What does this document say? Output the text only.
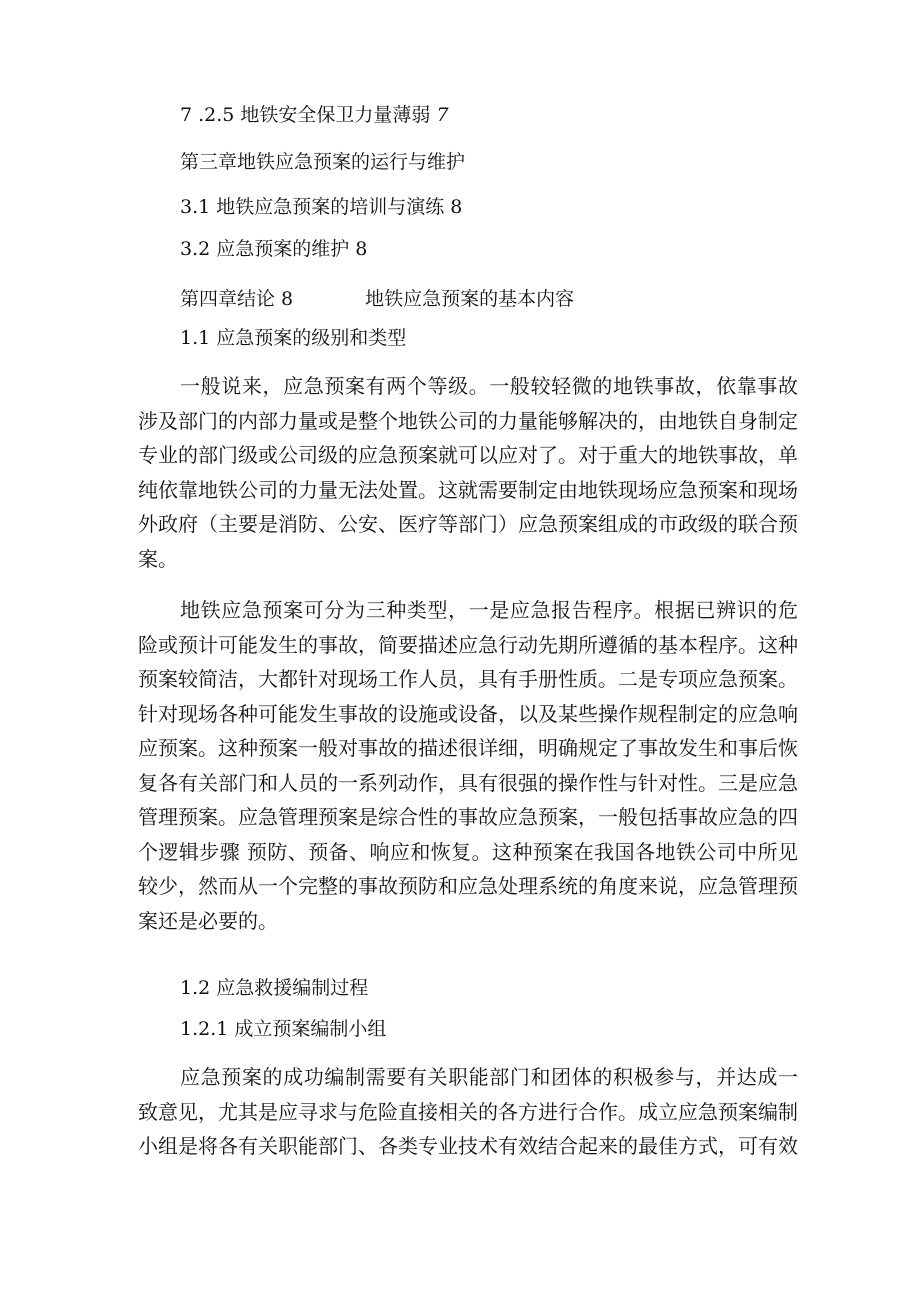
7 .2.5 地铁安全保卫力量薄弱 7
第三章地铁应急预案的运行与维护
3.1 地铁应急预案的培训与演练 8
3.2 应急预案的维护 8
第四章结论 8	地铁应急预案的基本内容
1.1 应急预案的级别和类型

一般说来，应急预案有两个等级。一般较轻微的地铁事故，依靠事故涉及部门的内部力量或是整个地铁公司的力量能够解决的，由地铁自身制定专业的部门级或公司级的应急预案就可以应对了。对于重大的地铁事故，单纯依靠地铁公司的力量无法处置。这就需要制定由地铁现场应急预案和现场外政府（主要是消防、公安、医疗等部门）应急预案组成的市政级的联合预案。

地铁应急预案可分为三种类型，一是应急报告程序。根据已辨识的危险或预计可能发生的事故，简要描述应急行动先期所遵循的基本程序。这种预案较简洁，大都针对现场工作人员，具有手册性质。二是专项应急预案。针对现场各种可能发生事故的设施或设备，以及某些操作规程制定的应急响应预案。这种预案一般对事故的描述很详细，明确规定了事故发生和事后恢复各有关部门和人员的一系列动作，具有很强的操作性与针对性。三是应急管理预案。应急管理预案是综合性的事故应急预案，一般包括事故应急的四个逻辑步骤 预防、预备、响应和恢复。这种预案在我国各地铁公司中所见较少，然而从一个完整的事故预防和应急处理系统的角度来说，应急管理预案还是必要的。

1.2 应急救援编制过程
1.2.1 成立预案编制小组

应急预案的成功编制需要有关职能部门和团体的积极参与，并达成一致意见，尤其是应寻求与危险直接相关的各方进行合作。成立应急预案编制小组是将各有关职能部门、各类专业技术有效结合起来的最佳方式，可有效
